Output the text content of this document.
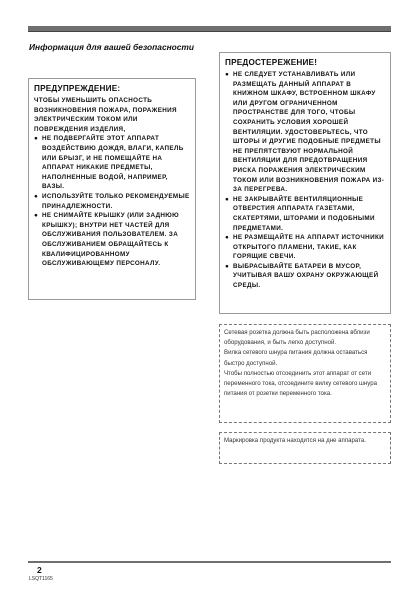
Информация для вашей безопасности
ПРЕДУПРЕЖДЕНИЕ:
ЧТОБЫ УМЕНЬШИТЬ ОПАСНОСТЬ ВОЗНИКНОВЕНИЯ ПОЖАРА, ПОРАЖЕНИЯ ЭЛЕКТРИЧЕСКИМ ТОКОМ ИЛИ ПОВРЕЖДЕНИЯ ИЗДЕЛИЯ,
● НЕ ПОДВЕРГАЙТЕ ЭТОТ АППАРАТ ВОЗДЕЙСТВИЮ ДОЖДЯ, ВЛАГИ, КАПЕЛЬ ИЛИ БРЫЗГ, И НЕ ПОМЕЩАЙТЕ НА АППАРАТ НИКАКИЕ ПРЕДМЕТЫ, НАПОЛНЕННЫЕ ВОДОЙ, НАПРИМЕР, ВАЗЫ.
● ИСПОЛЬЗУЙТЕ ТОЛЬКО РЕКОМЕНДУЕМЫЕ ПРИНАДЛЕЖНОСТИ.
● НЕ СНИМАЙТЕ КРЫШКУ (ИЛИ ЗАДНЮЮ КРЫШКУ); ВНУТРИ НЕТ ЧАСТЕЙ ДЛЯ ОБСЛУЖИВАНИЯ ПОЛЬЗОВАТЕЛЕМ. ЗА ОБСЛУЖИВАНИЕМ ОБРАЩАЙТЕСЬ К КВАЛИФИЦИРОВАННОМУ ОБСЛУЖИВАЮЩЕМУ ПЕРСОНАЛУ.
ПРЕДОСТЕРЕЖЕНИЕ!
● НЕ СЛЕДУЕТ УСТАНАВЛИВАТЬ ИЛИ РАЗМЕЩАТЬ ДАННЫЙ АППАРАТ В КНИЖНОМ ШКАФУ, ВСТРОЕННОМ ШКАФУ ИЛИ ДРУГОМ ОГРАНИЧЕННОМ ПРОСТРАНСТВЕ ДЛЯ ТОГО, ЧТОБЫ СОХРАНИТЬ УСЛОВИЯ ХОРОШЕЙ ВЕНТИЛЯЦИИ. УДОСТОВЕРЬТЕСЬ, ЧТО ШТОРЫ И ДРУГИЕ ПОДОБНЫЕ ПРЕДМЕТЫ НЕ ПРЕПЯТСТВУЮТ НОРМАЛЬНОЙ ВЕНТИЛЯЦИИ ДЛЯ ПРЕДОТВРАЩЕНИЯ РИСКА ПОРАЖЕНИЯ ЭЛЕКТРИЧЕСКИМ ТОКОМ ИЛИ ВОЗНИКНОВЕНИЯ ПОЖАРА ИЗ-ЗА ПЕРЕГРЕВА.
● НЕ ЗАКРЫВАЙТЕ ВЕНТИЛЯЦИОННЫЕ ОТВЕРСТИЯ АППАРАТА ГАЗЕТАМИ, СКАТЕРТЯМИ, ШТОРАМИ И ПОДОБНЫМИ ПРЕДМЕТАМИ.
● НЕ РАЗМЕЩАЙТЕ НА АППАРАТ ИСТОЧНИКИ ОТКРЫТОГО ПЛАМЕНИ, ТАКИЕ, КАК ГОРЯЩИЕ СВЕЧИ.
● ВЫБРАСЫВАЙТЕ БАТАРЕИ В МУСОР, УЧИТЫВАЯ ВАШУ ОХРАНУ ОКРУЖАЮЩЕЙ СРЕДЫ.
Сетевая розетка должна быть расположена вблизи оборудования, и быть легко доступной.
Вилка сетевого шнура питания должна оставаться быстро доступной.
Чтобы полностью отсоединить этот аппарат от сети переменного тока, отсоедините вилку сетевого шнура питания от розетки переменного тока.
Маркировка продукта находится на дне аппарата.
2
LSQT1165
